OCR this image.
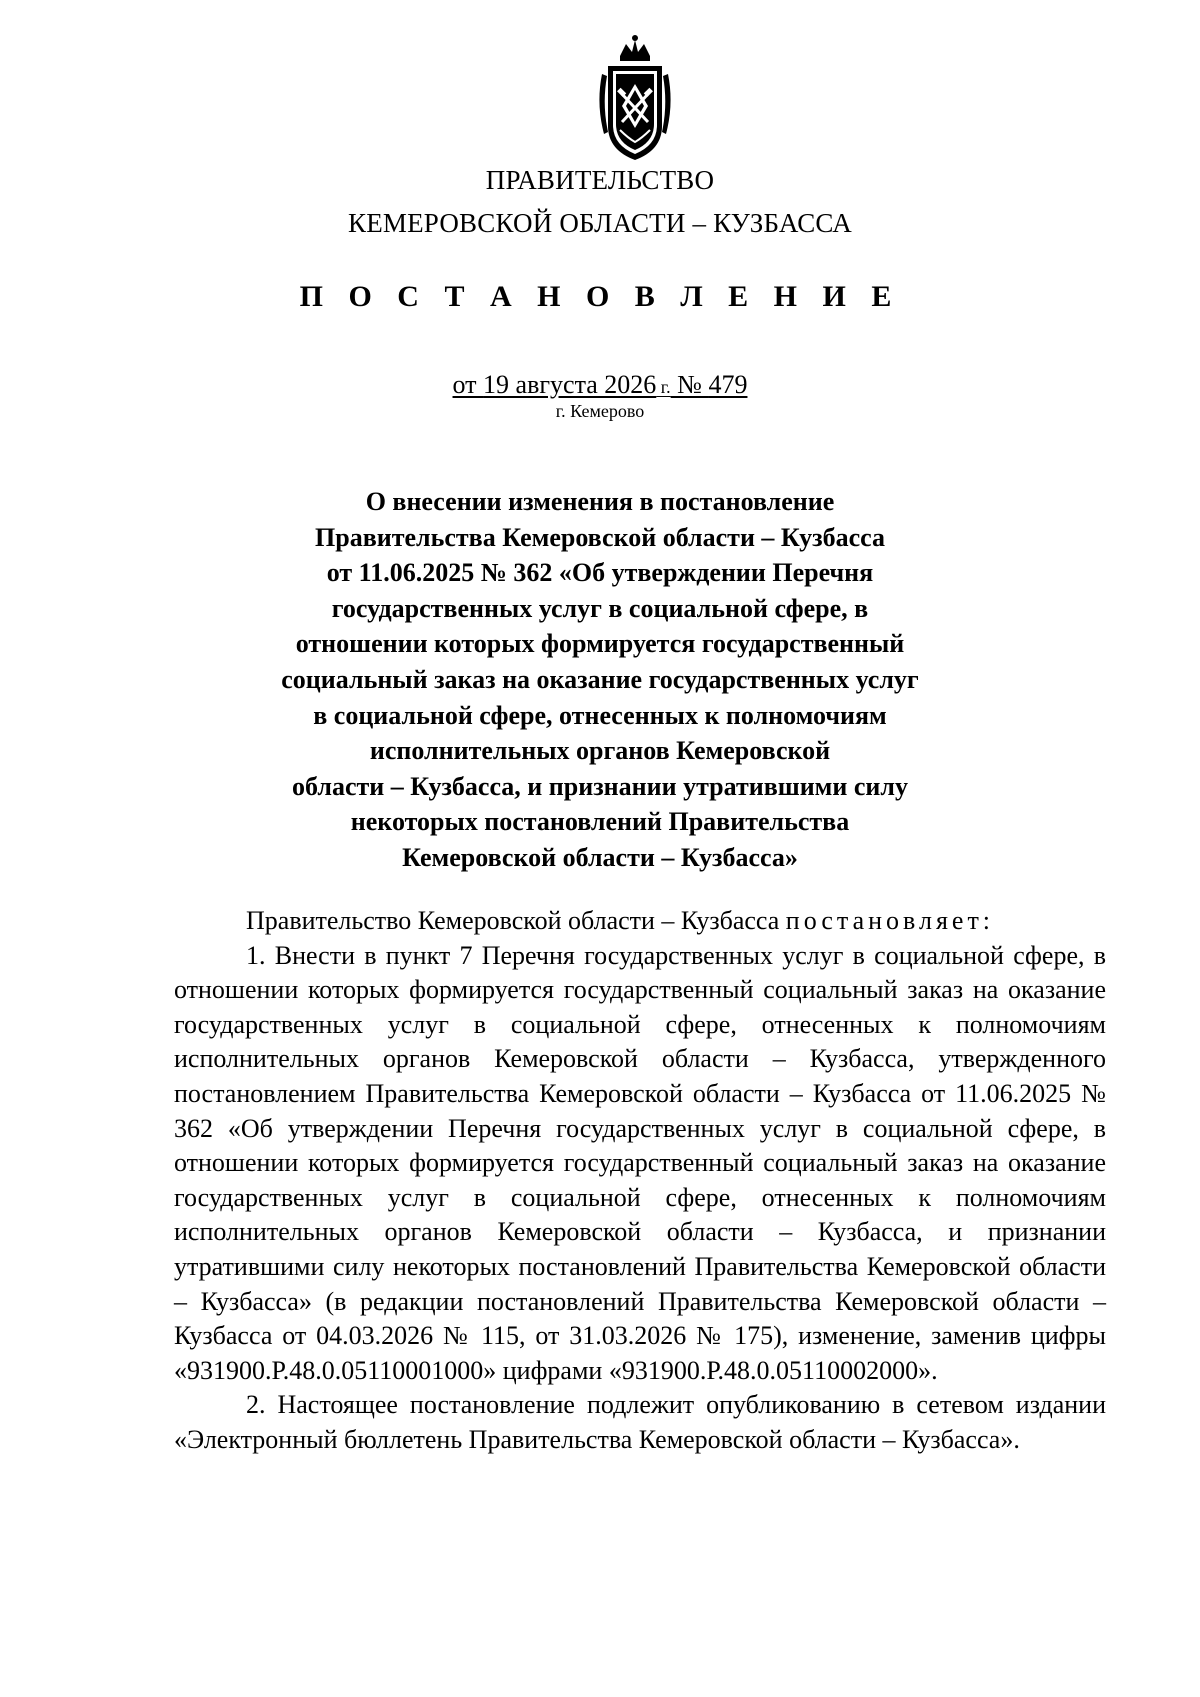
ПРАВИТЕЛЬСТВО
КЕМЕРОВСКОЙ ОБЛАСТИ – КУЗБАССА
П О С Т А Н О В Л Е Н И Е
от 19 августа 2026 г. № 479
г. Кемерово
О внесении изменения в постановление
Правительства Кемеровской области – Кузбасса
от 11.06.2025 № 362 «Об утверждении Перечня
государственных услуг в социальной сфере, в
отношении которых формируется государственный
социальный заказ на оказание государственных услуг
в социальной сфере, отнесенных к полномочиям
исполнительных органов Кемеровской
области – Кузбасса, и признании утратившими силу
некоторых постановлений Правительства
Кемеровской области – Кузбасса»

Правительство Кемеровской области – Кузбасса постановляет:

1. Внести в пункт 7 Перечня государственных услуг в социальной сфере, в отношении которых формируется государственный социальный заказ на оказание государственных услуг в социальной сфере, отнесенных к полномочиям исполнительных органов Кемеровской области – Кузбасса, утвержденного постановлением Правительства Кемеровской области – Кузбасса от 11.06.2025 № 362 «Об утверждении Перечня государственных услуг в социальной сфере, в отношении которых формируется государственный социальный заказ на оказание государственных услуг в социальной сфере, отнесенных к полномочиям исполнительных органов Кемеровской области – Кузбасса, и признании утратившими силу некоторых постановлений Правительства Кемеровской области – Кузбасса» (в редакции постановлений Правительства Кемеровской области – Кузбасса от 04.03.2026 № 115, от 31.03.2026 № 175), изменение, заменив цифры «931900.Р.48.0.05110001000» цифрами «931900.Р.48.0.05110002000».

2. Настоящее постановление подлежит опубликованию в сетевом издании «Электронный бюллетень Правительства Кемеровской области – Кузбасса».
